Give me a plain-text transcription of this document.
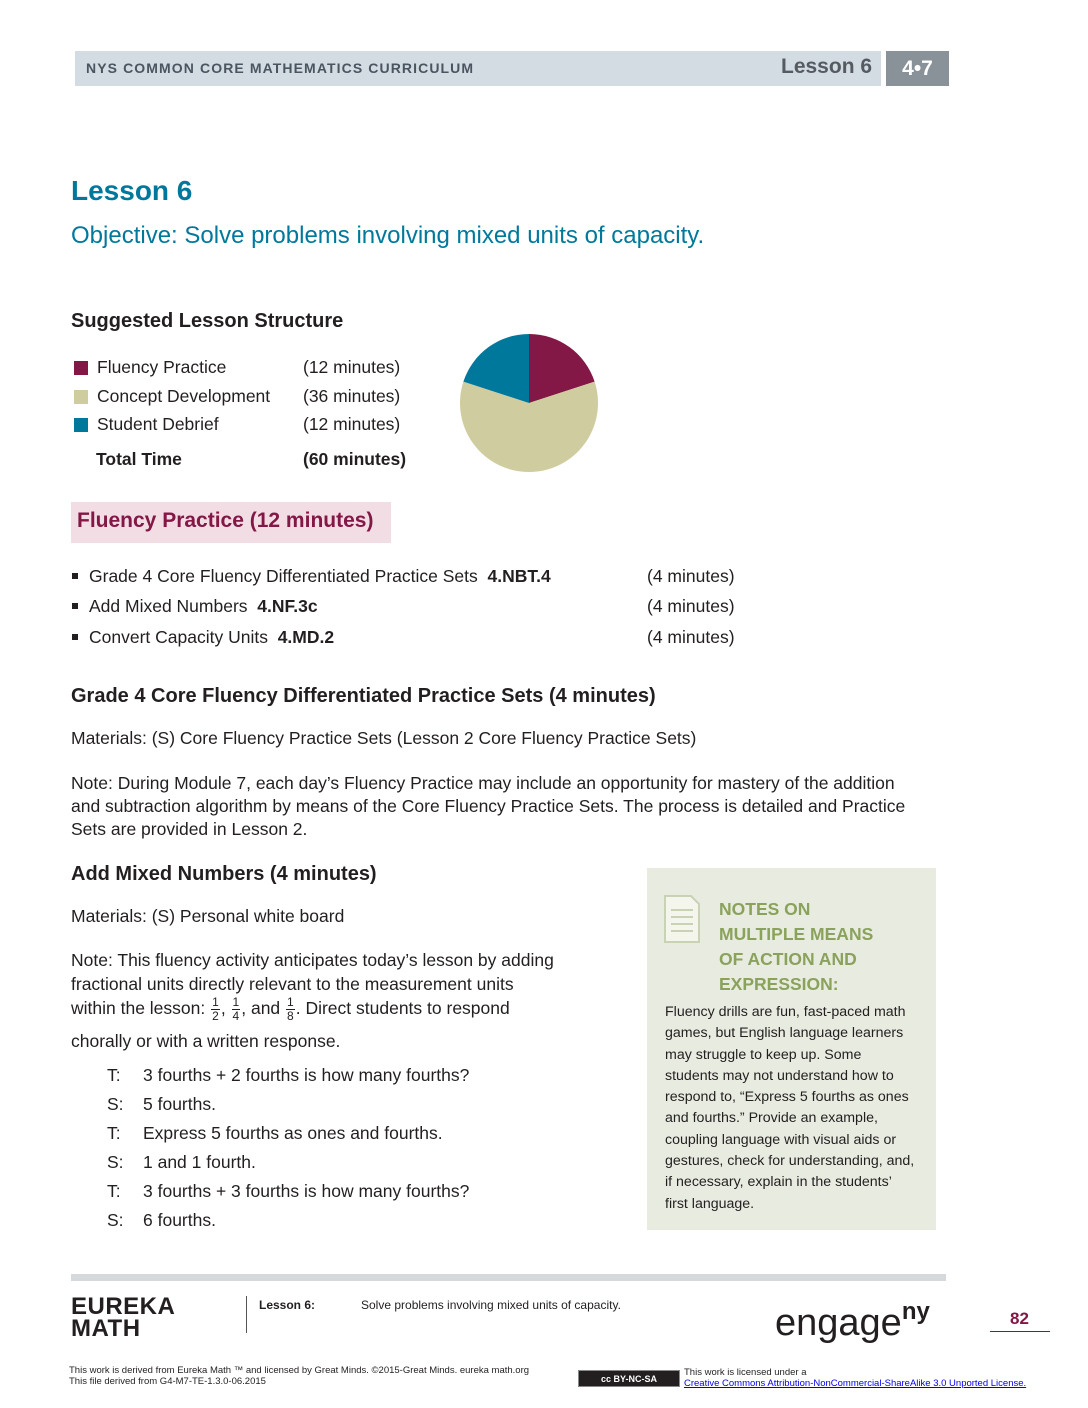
NYS COMMON CORE MATHEMATICS CURRICULUM	Lesson 6	4•7
Lesson 6
Objective: Solve problems involving mixed units of capacity.
Suggested Lesson Structure
Fluency Practice	(12 minutes)
Concept Development (36 minutes)
Student Debrief	(12 minutes)
Total Time	(60 minutes)
Fluency Practice (12 minutes)
Grade 4 Core Fluency Differentiated Practice Sets 4.NBT.4	(4 minutes)
Add Mixed Numbers 4.NF.3c	(4 minutes)
Convert Capacity Units 4.MD.2	(4 minutes)
Grade 4 Core Fluency Differentiated Practice Sets (4 minutes)
Materials: (S) Core Fluency Practice Sets (Lesson 2 Core Fluency Practice Sets)
Note: During Module 7, each day’s Fluency Practice may include an opportunity for mastery of the addition
and subtraction algorithm by means of the Core Fluency Practice Sets. The process is detailed and Practice
Sets are provided in Lesson 2.
Add Mixed Numbers (4 minutes)
Materials: (S) Personal white board
Note: This fluency activity anticipates today’s lesson by adding
fractional units directly relevant to the measurement units
within the lesson: $\frac{1}{2}$ , $\frac{1}{4}$ , and $\frac{1}{8}$ . Direct students to respond
chorally or with a written response.
T: 3 fourths + 2 fourths is how many fourths?
S: 5 fourths.
T: Express 5 fourths as ones and fourths.
S: 1 and 1 fourth.
T: 3 fourths + 3 fourths is how many fourths?
S: 6 fourths.
NOTES ON
MULTIPLE MEANS
OF ACTION AND
EXPRESSION:
Fluency drills are fun, fast-paced math
games, but English language learners
may struggle to keep up. Some
students may not understand how to
respond to, “Express 5 fourths as ones
and fourths.” Provide an example,
coupling language with visual aids or
gestures, check for understanding, and,
if necessary, explain in the students’
first language.
EUREKA
MATH
Lesson 6:	Solve problems involving mixed units of capacity.	engage$^{ny}$	82
This work is derived from Eureka Math ™ and licensed by Great Minds. ©2015-Great Minds. eureka math.org
This file derived from G4-M7-TE-1.3.0-06.2015	cc BY-NC-SA
This work is licensed under a
Creative Commons Attribution-NonCommercial-ShareAlike 3.0 Unported License.
